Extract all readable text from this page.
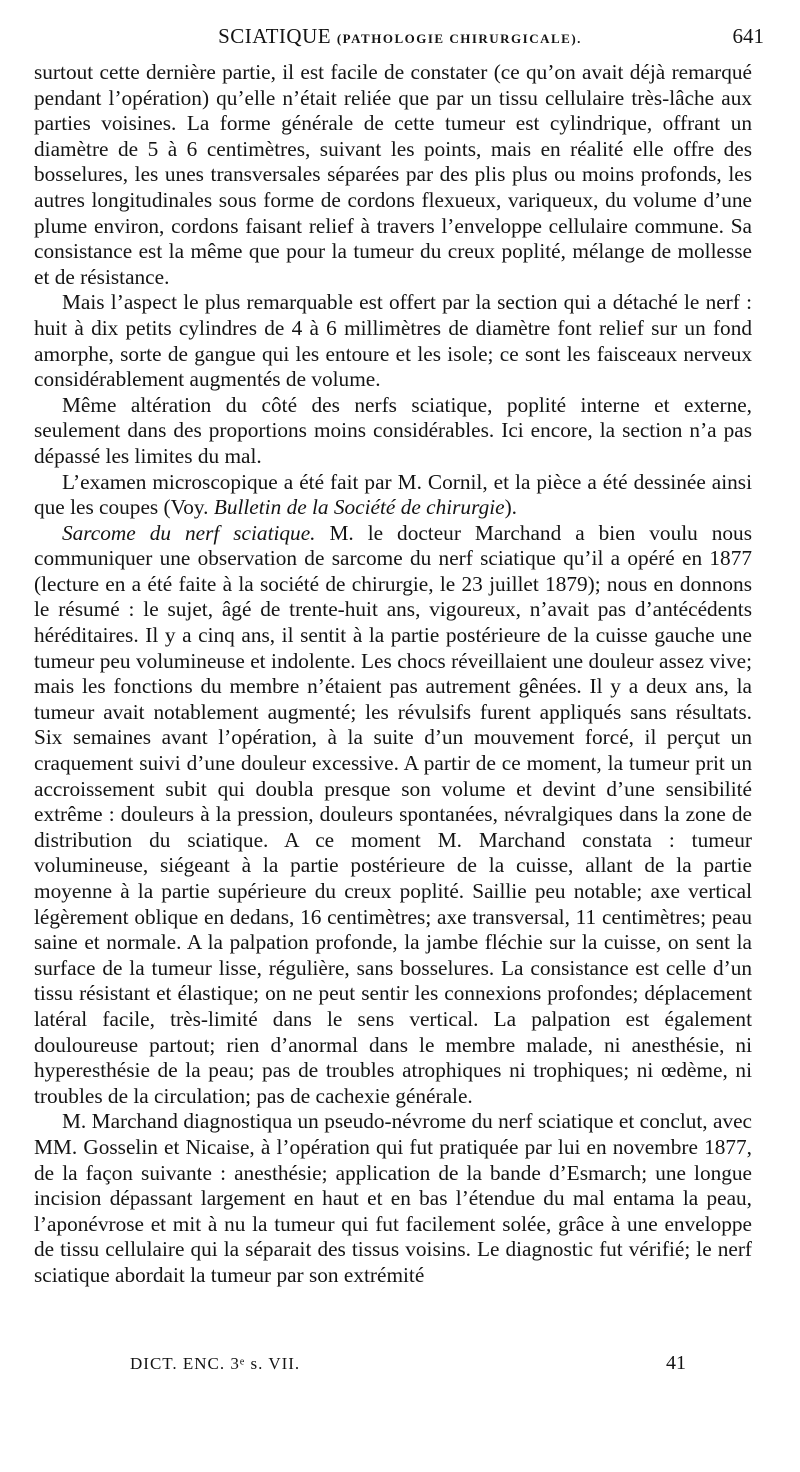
SCIATIQUE (PATHOLOGIE CHIRURGICALE).	641

surtout cette dernière partie, il est facile de constater (ce qu’on avait déjà remarqué pendant l’opération) qu’elle n’était reliée que par un tissu cellulaire très-lâche aux parties voisines. La forme générale de cette tumeur est cylindrique, offrant un diamètre de 5 à 6 centimètres, suivant les points, mais en réalité elle offre des bosselures, les unes transversales séparées par des plis plus ou moins profonds, les autres longitudinales sous forme de cordons flexueux, variqueux, du volume d’une plume environ, cordons faisant relief à travers l’enveloppe cellulaire commune. Sa consistance est la même que pour la tumeur du creux poplité, mélange de mollesse et de résistance.

Mais l’aspect le plus remarquable est offert par la section qui a détaché le nerf : huit à dix petits cylindres de 4 à 6 millimètres de diamètre font relief sur un fond amorphe, sorte de gangue qui les entoure et les isole; ce sont les faisceaux nerveux considérablement augmentés de volume.

Même altération du côté des nerfs sciatique, poplité interne et externe, seulement dans des proportions moins considérables. Ici encore, la section n’a pas dépassé les limites du mal.

L’examen microscopique a été fait par M. Cornil, et la pièce a été dessinée ainsi que les coupes (Voy. Bulletin de la Société de chirurgie).

Sarcome du nerf sciatique. M. le docteur Marchand a bien voulu nous communiquer une observation de sarcome du nerf sciatique qu’il a opéré en 1877 (lecture en a été faite à la société de chirurgie, le 23 juillet 1879); nous en donnons le résumé : le sujet, âgé de trente-huit ans, vigoureux, n’avait pas d’antécédents héréditaires. Il y a cinq ans, il sentit à la partie postérieure de la cuisse gauche une tumeur peu volumineuse et indolente. Les chocs réveillaient une douleur assez vive; mais les fonctions du membre n’étaient pas autrement gênées. Il y a deux ans, la tumeur avait notablement augmenté; les révulsifs furent appliqués sans résultats. Six semaines avant l’opération, à la suite d’un mouvement forcé, il perçut un craquement suivi d’une douleur excessive. A partir de ce moment, la tumeur prit un accroissement subit qui doubla presque son volume et devint d’une sensibilité extrême : douleurs à la pression, douleurs spontanées, névralgiques dans la zone de distribution du sciatique. A ce moment M. Marchand constata : tumeur volumineuse, siégeant à la partie postérieure de la cuisse, allant de la partie moyenne à la partie supérieure du creux poplité. Saillie peu notable; axe vertical légèrement oblique en dedans, 16 centimètres; axe transversal, 11 centimètres; peau saine et normale. A la palpation profonde, la jambe fléchie sur la cuisse, on sent la surface de la tumeur lisse, régulière, sans bosselures. La consistance est celle d’un tissu résistant et élastique; on ne peut sentir les connexions profondes; déplacement latéral facile, très-limité dans le sens vertical. La palpation est également douloureuse partout; rien d’anormal dans le membre malade, ni anesthésie, ni hyperesthésie de la peau; pas de troubles atrophiques ni trophiques; ni œdème, ni troubles de la circulation; pas de cachexie générale.

M. Marchand diagnostiqua un pseudo-névrome du nerf sciatique et conclut, avec MM. Gosselin et Nicaise, à l’opération qui fut pratiquée par lui en novembre 1877, de la façon suivante : anesthésie; application de la bande d’Esmarch; une longue incision dépassant largement en haut et en bas l’étendue du mal entama la peau, l’aponévrose et mit à nu la tumeur qui fut facilement solée, grâce à une enveloppe de tissu cellulaire qui la séparait des tissus voisins. Le diagnostic fut vérifié; le nerf sciatique abordait la tumeur par son extrémité

DICT. ENC. 3ᵉ s. VII.	41
